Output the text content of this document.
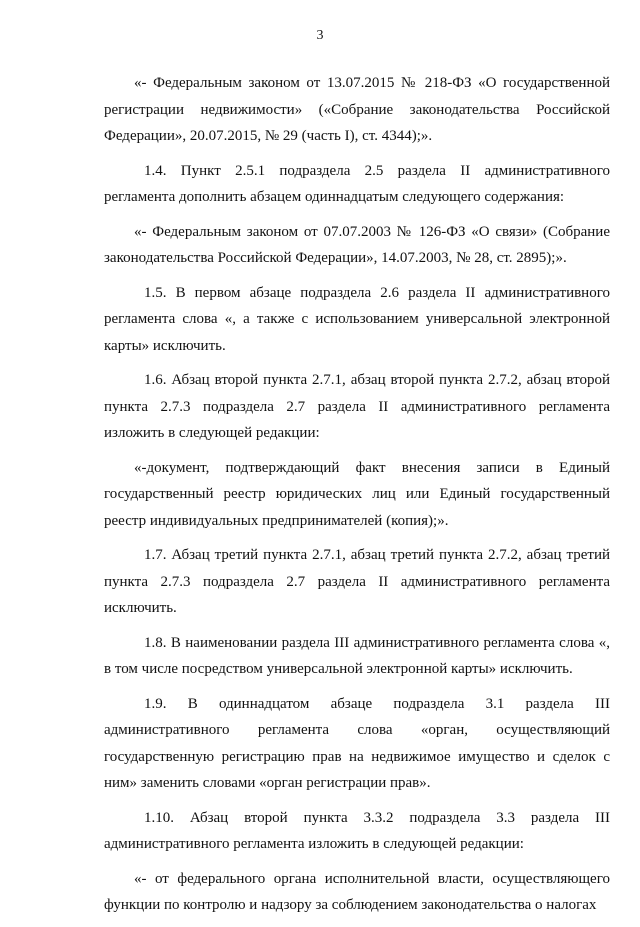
3

«- Федеральным законом от 13.07.2015 № 218-ФЗ «О государственной регистрации недвижимости» («Собрание законодательства Российской Федерации», 20.07.2015, № 29 (часть I), ст. 4344);».

1.4. Пункт 2.5.1 подраздела 2.5 раздела II административного регламента дополнить абзацем одиннадцатым следующего содержания:

«- Федеральным законом от 07.07.2003 № 126-ФЗ «О связи» (Собрание законодательства Российской Федерации», 14.07.2003, № 28, ст. 2895);».

1.5. В первом абзаце подраздела 2.6 раздела II административного регламента слова «, а также с использованием универсальной электронной карты» исключить.

1.6. Абзац второй пункта 2.7.1, абзац второй пункта 2.7.2, абзац второй пункта 2.7.3 подраздела 2.7 раздела II административного регламента изложить в следующей редакции:

«-документ, подтверждающий факт внесения записи в Единый государственный реестр юридических лиц или Единый государственный реестр индивидуальных предпринимателей (копия);».

1.7. Абзац третий пункта 2.7.1, абзац третий пункта 2.7.2, абзац третий пункта 2.7.3 подраздела 2.7 раздела II административного регламента исключить.

1.8. В наименовании раздела III административного регламента слова «, в том числе посредством универсальной электронной карты» исключить.

1.9. В одиннадцатом абзаце подраздела 3.1 раздела III административного регламента слова «орган, осуществляющий государственную регистрацию прав на недвижимое имущество и сделок с ним» заменить словами «орган регистрации прав».

1.10. Абзац второй пункта 3.3.2 подраздела 3.3 раздела III административного регламента изложить в следующей редакции:

«- от федерального органа исполнительной власти, осуществляющего функции по контролю и надзору за соблюдением законодательства о налогах
